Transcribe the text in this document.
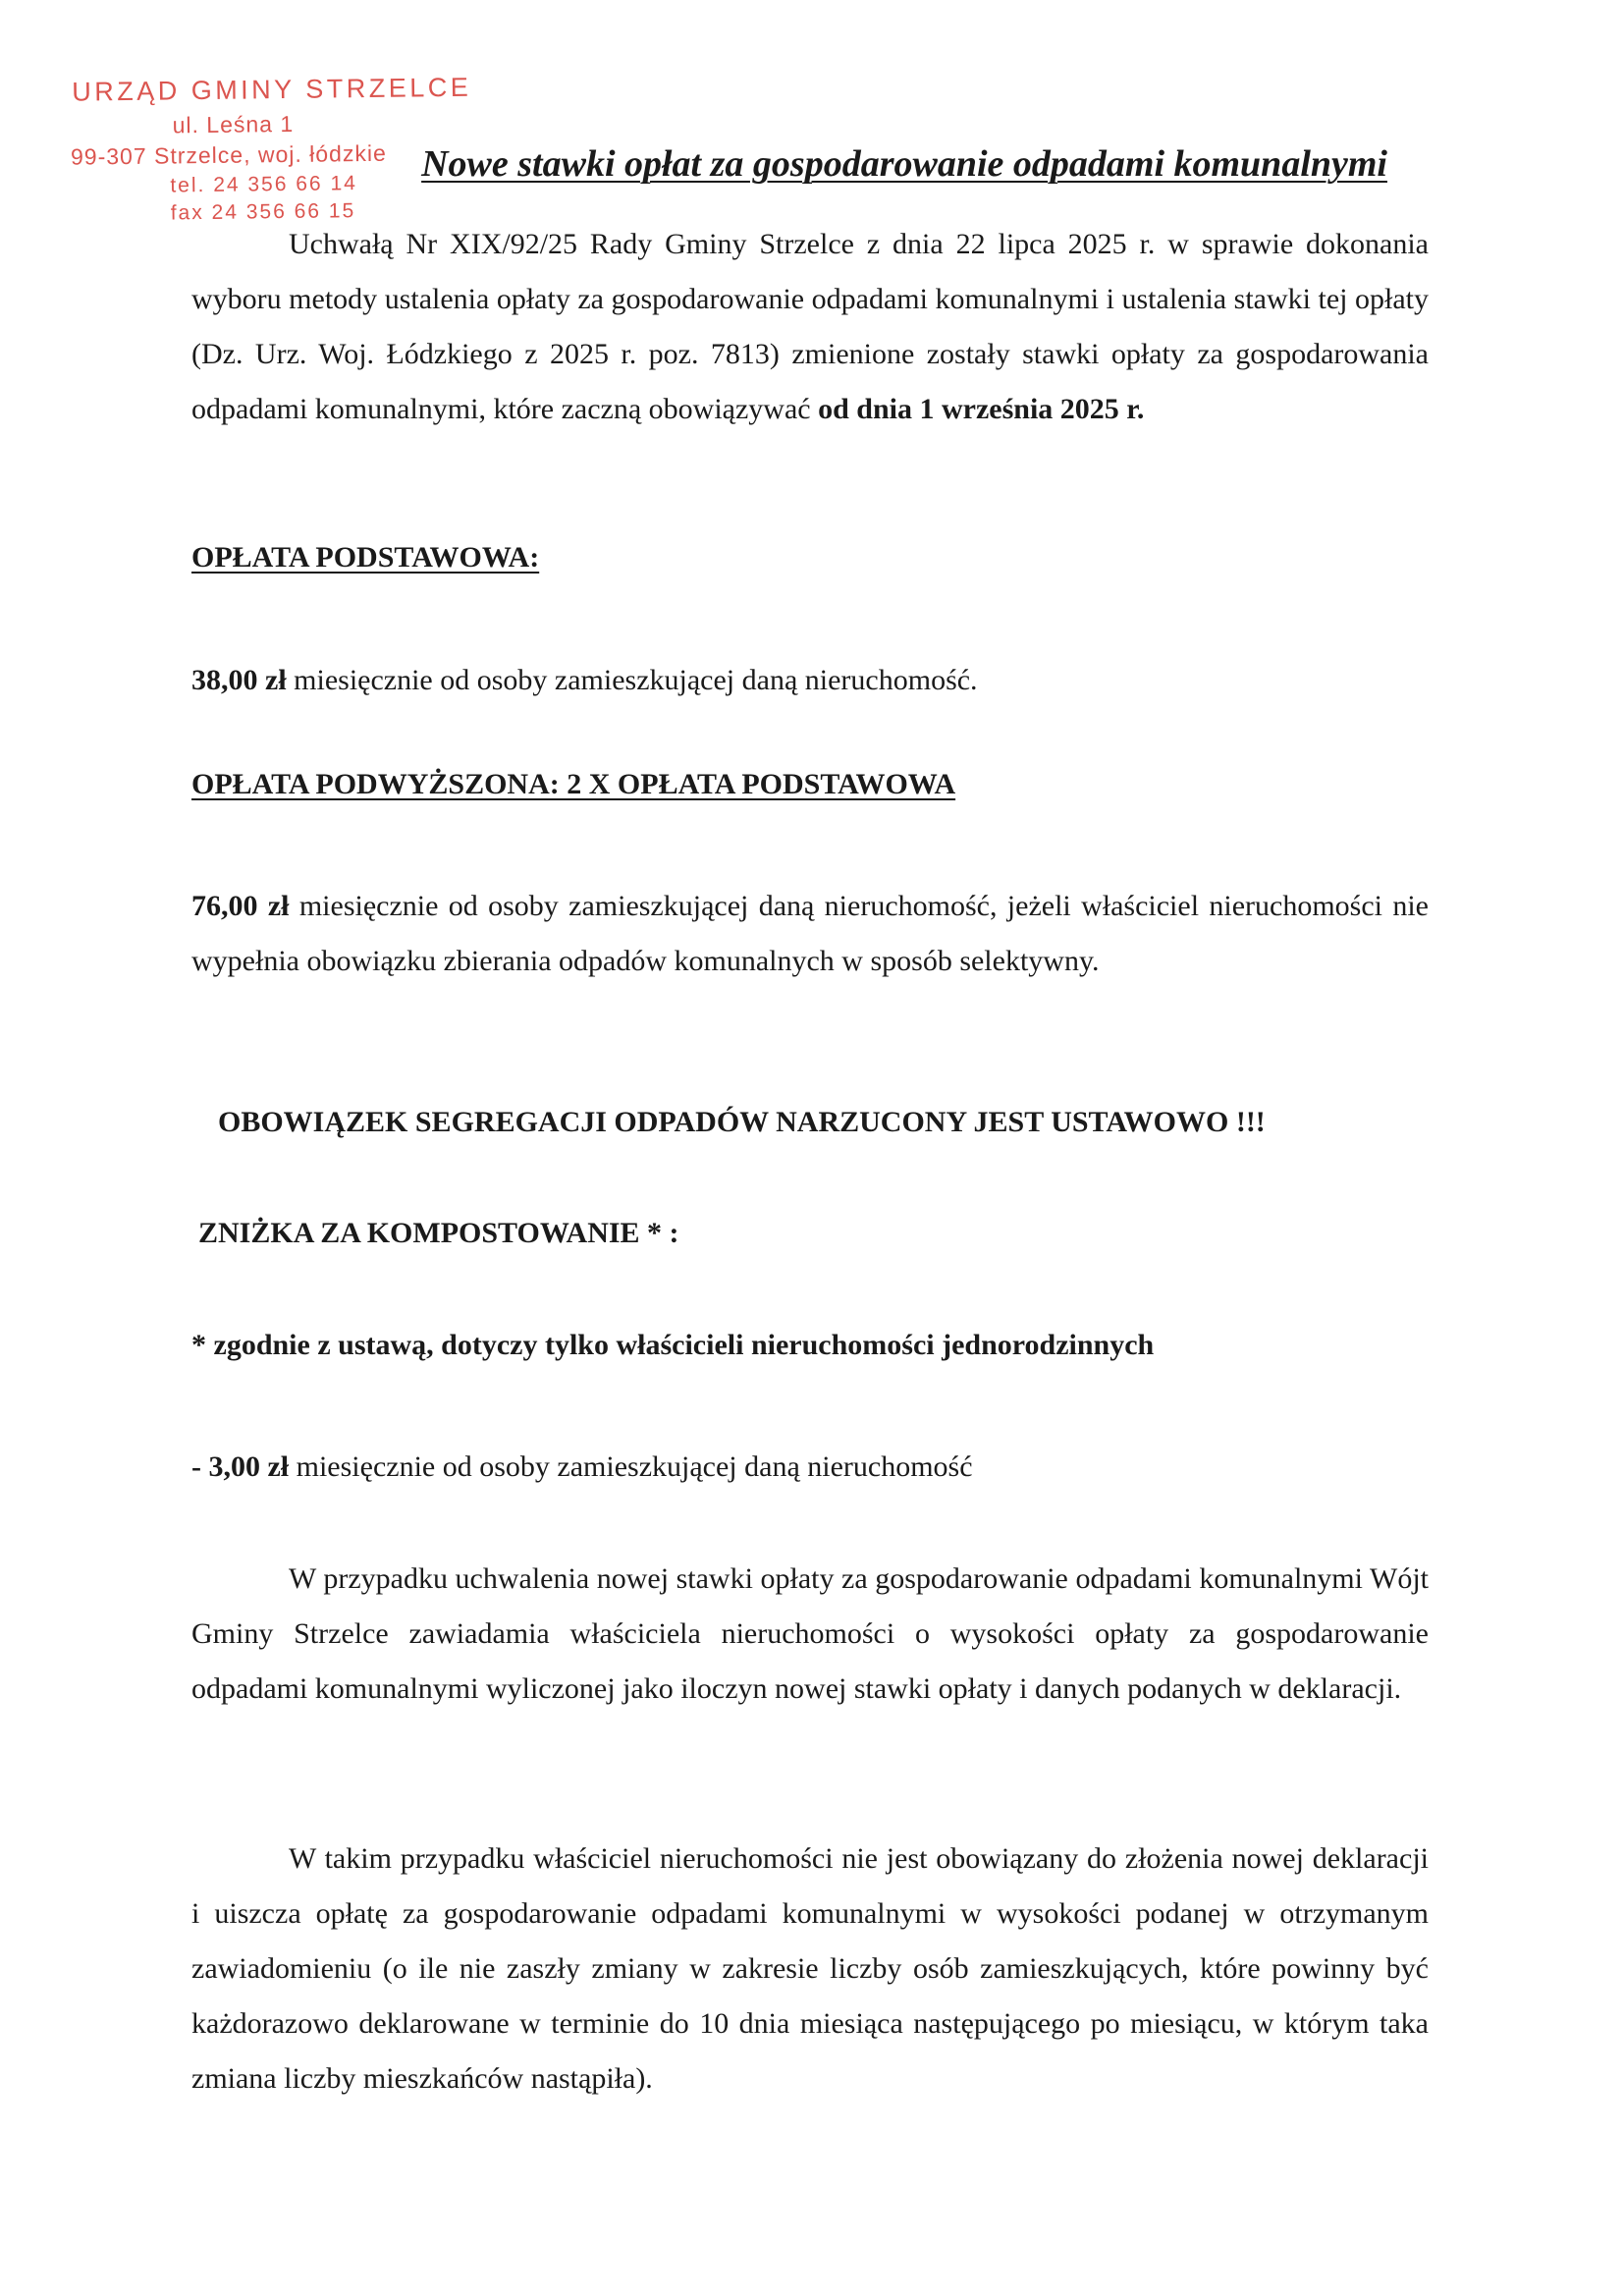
URZĄD GMINY STRZELCE
ul. Leśna 1
99-307 Strzelce, woj. łódzkie
tel. 24 356 66 14
fax 24 356 66 15
Nowe stawki opłat za gospodarowanie odpadami komunalnymi

Uchwałą Nr XIX/92/25 Rady Gminy Strzelce z dnia 22 lipca 2025 r. w sprawie dokonania wyboru metody ustalenia opłaty za gospodarowanie odpadami komunalnymi i ustalenia stawki tej opłaty (Dz. Urz. Woj. Łódzkiego z 2025 r. poz. 7813) zmienione zostały stawki opłaty za gospodarowania odpadami komunalnymi, które zaczną obowiązywać od dnia 1 września 2025 r.

OPŁATA PODSTAWOWA:

38,00 zł miesięcznie od osoby zamieszkującej daną nieruchomość.

OPŁATA PODWYŻSZONA: 2 X OPŁATA PODSTAWOWA

76,00 zł miesięcznie od osoby zamieszkującej daną nieruchomość, jeżeli właściciel nieruchomości nie wypełnia obowiązku zbierania odpadów komunalnych w sposób selektywny.

OBOWIĄZEK SEGREGACJI ODPADÓW NARZUCONY JEST USTAWOWO !!!

ZNIŻKA ZA KOMPOSTOWANIE * :

* zgodnie z ustawą, dotyczy tylko właścicieli nieruchomości jednorodzinnych

- 3,00 zł miesięcznie od osoby zamieszkującej daną nieruchomość

W przypadku uchwalenia nowej stawki opłaty za gospodarowanie odpadami komunalnymi Wójt Gminy Strzelce zawiadamia właściciela nieruchomości o wysokości opłaty za gospodarowanie odpadami komunalnymi wyliczonej jako iloczyn nowej stawki opłaty i danych podanych w deklaracji.

W takim przypadku właściciel nieruchomości nie jest obowiązany do złożenia nowej deklaracji i uiszcza opłatę za gospodarowanie odpadami komunalnymi w wysokości podanej w otrzymanym zawiadomieniu (o ile nie zaszły zmiany w zakresie liczby osób zamieszkujących, które powinny być każdorazowo deklarowane w terminie do 10 dnia miesiąca następującego po miesiącu, w którym taka zmiana liczby mieszkańców nastąpiła).
